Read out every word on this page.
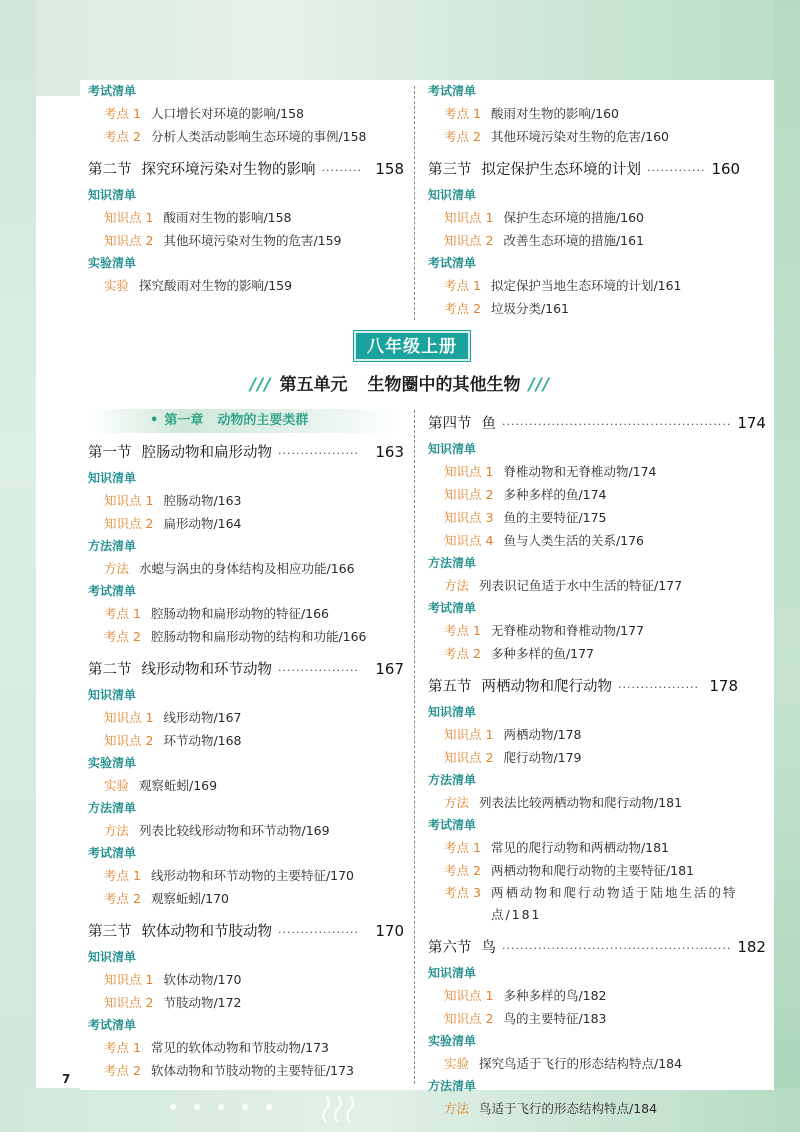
7
考试清单
考点 1 人口增长对环境的影响/158
考点 2 分析人类活动影响生态环境的事例/158
第二节 探究环境污染对生物的影响 ········· 158
知识清单
知识点 1 酸雨对生物的影响/158
知识点 2 其他环境污染对生物的危害/159
实验清单
实验 探究酸雨对生物的影响/159
考试清单
考点 1 酸雨对生物的影响/160
考点 2 其他环境污染对生物的危害/160
第三节 拟定保护生态环境的计划 ············· 160
知识清单
知识点 1 保护生态环境的措施/160
知识点 2 改善生态环境的措施/161
考试清单
考点 1 拟定保护当地生态环境的计划/161
考点 2 垃圾分类/161
八年级上册
/// 第五单元 生物圈中的其他生物 ///
• 第一章 动物的主要类群
第一节 腔肠动物和扁形动物 ··················	163
知识清单
知识点 1 腔肠动物/163
知识点 2 扁形动物/164
方法清单
方法 水螅与涡虫的身体结构及相应功能/166
考试清单
考点 1 腔肠动物和扁形动物的特征/166
考点 2 腔肠动物和扁形动物的结构和功能/166
第二节 线形动物和环节动物 ··················	167
知识清单
知识点 1 线形动物/167
知识点 2 环节动物/168
实验清单
实验 观察蚯蚓/169
方法清单
方法 列表比较线形动物和环节动物/169
考试清单
考点 1 线形动物和环节动物的主要特征/170
考点 2 观察蚯蚓/170
第三节 软体动物和节肢动物 ··················	170
知识清单
知识点 1 软体动物/170
知识点 2 节肢动物/172
考试清单
考点 1 常见的软体动物和节肢动物/173
考点 2 软体动物和节肢动物的主要特征/173
第四节 鱼 ··················································· 174
知识清单
知识点 1 脊椎动物和无脊椎动物/174
知识点 2 多种多样的鱼/174
知识点 3 鱼的主要特征/175
知识点 4 鱼与人类生活的关系/176
方法清单
方法 列表识记鱼适于水中生活的特征/177
考试清单
考点 1 无脊椎动物和脊椎动物/177
考点 2 多种多样的鱼/177
第五节 两栖动物和爬行动物 ·················· 178
知识清单
知识点 1 两栖动物/178
知识点 2 爬行动物/179
方法清单
方法 列表法比较两栖动物和爬行动物/181
考试清单
考点 1 常见的爬行动物和两栖动物/181
考点 2 两栖动物和爬行动物的主要特征/181
考点 3 两栖动物和爬行动物适于陆地生活的特点/181
第六节 鸟 ··················································· 182
知识清单
知识点 1 多种多样的鸟/182
知识点 2 鸟的主要特征/183
实验清单
实验 探究鸟适于飞行的形态结构特点/184
方法清单
方法 鸟适于飞行的形态结构特点/184
